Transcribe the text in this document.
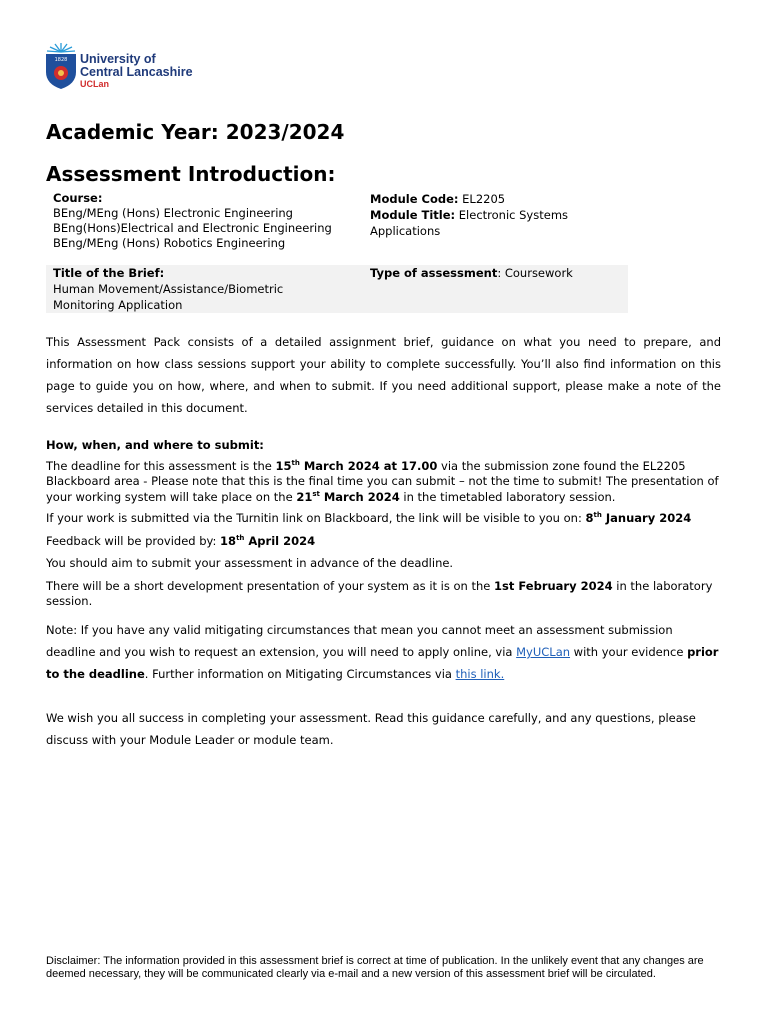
1828 University of
Central Lancashire
UCLan
Academic Year: 2023/2024
Assessment Introduction:
Course:
BEng/MEng (Hons) Electronic Engineering
BEng(Hons)Electrical and Electronic Engineering
BEng/MEng (Hons) Robotics Engineering
Module Code: EL2205
Module Title: Electronic Systems Applications
Title of the Brief:
Human Movement/Assistance/Biometric Monitoring Application
Type of assessment: Coursework
This Assessment Pack consists of a detailed assignment brief, guidance on what you need to prepare, and information on how class sessions support your ability to complete successfully. You’ll also find information on this page to guide you on how, where, and when to submit. If you need additional support, please make a note of the services detailed in this document.
How, when, and where to submit:
The deadline for this assessment is the 15th March 2024 at 17.00 via the submission zone found the EL2205 Blackboard area - Please note that this is the final time you can submit – not the time to submit! The presentation of your working system will take place on the 21st March 2024 in the timetabled laboratory session.
If your work is submitted via the Turnitin link on Blackboard, the link will be visible to you on: 8th January 2024
Feedback will be provided by: 18th April 2024
You should aim to submit your assessment in advance of the deadline.
There will be a short development presentation of your system as it is on the 1st February 2024 in the laboratory session.
Note: If you have any valid mitigating circumstances that mean you cannot meet an assessment submission deadline and you wish to request an extension, you will need to apply online, via MyUCLan with your evidence prior to the deadline. Further information on Mitigating Circumstances via this link.
We wish you all success in completing your assessment. Read this guidance carefully, and any questions, please discuss with your Module Leader or module team.
Disclaimer: The information provided in this assessment brief is correct at time of publication. In the unlikely event that any changes are deemed necessary, they will be communicated clearly via e-mail and a new version of this assessment brief will be circulated.
